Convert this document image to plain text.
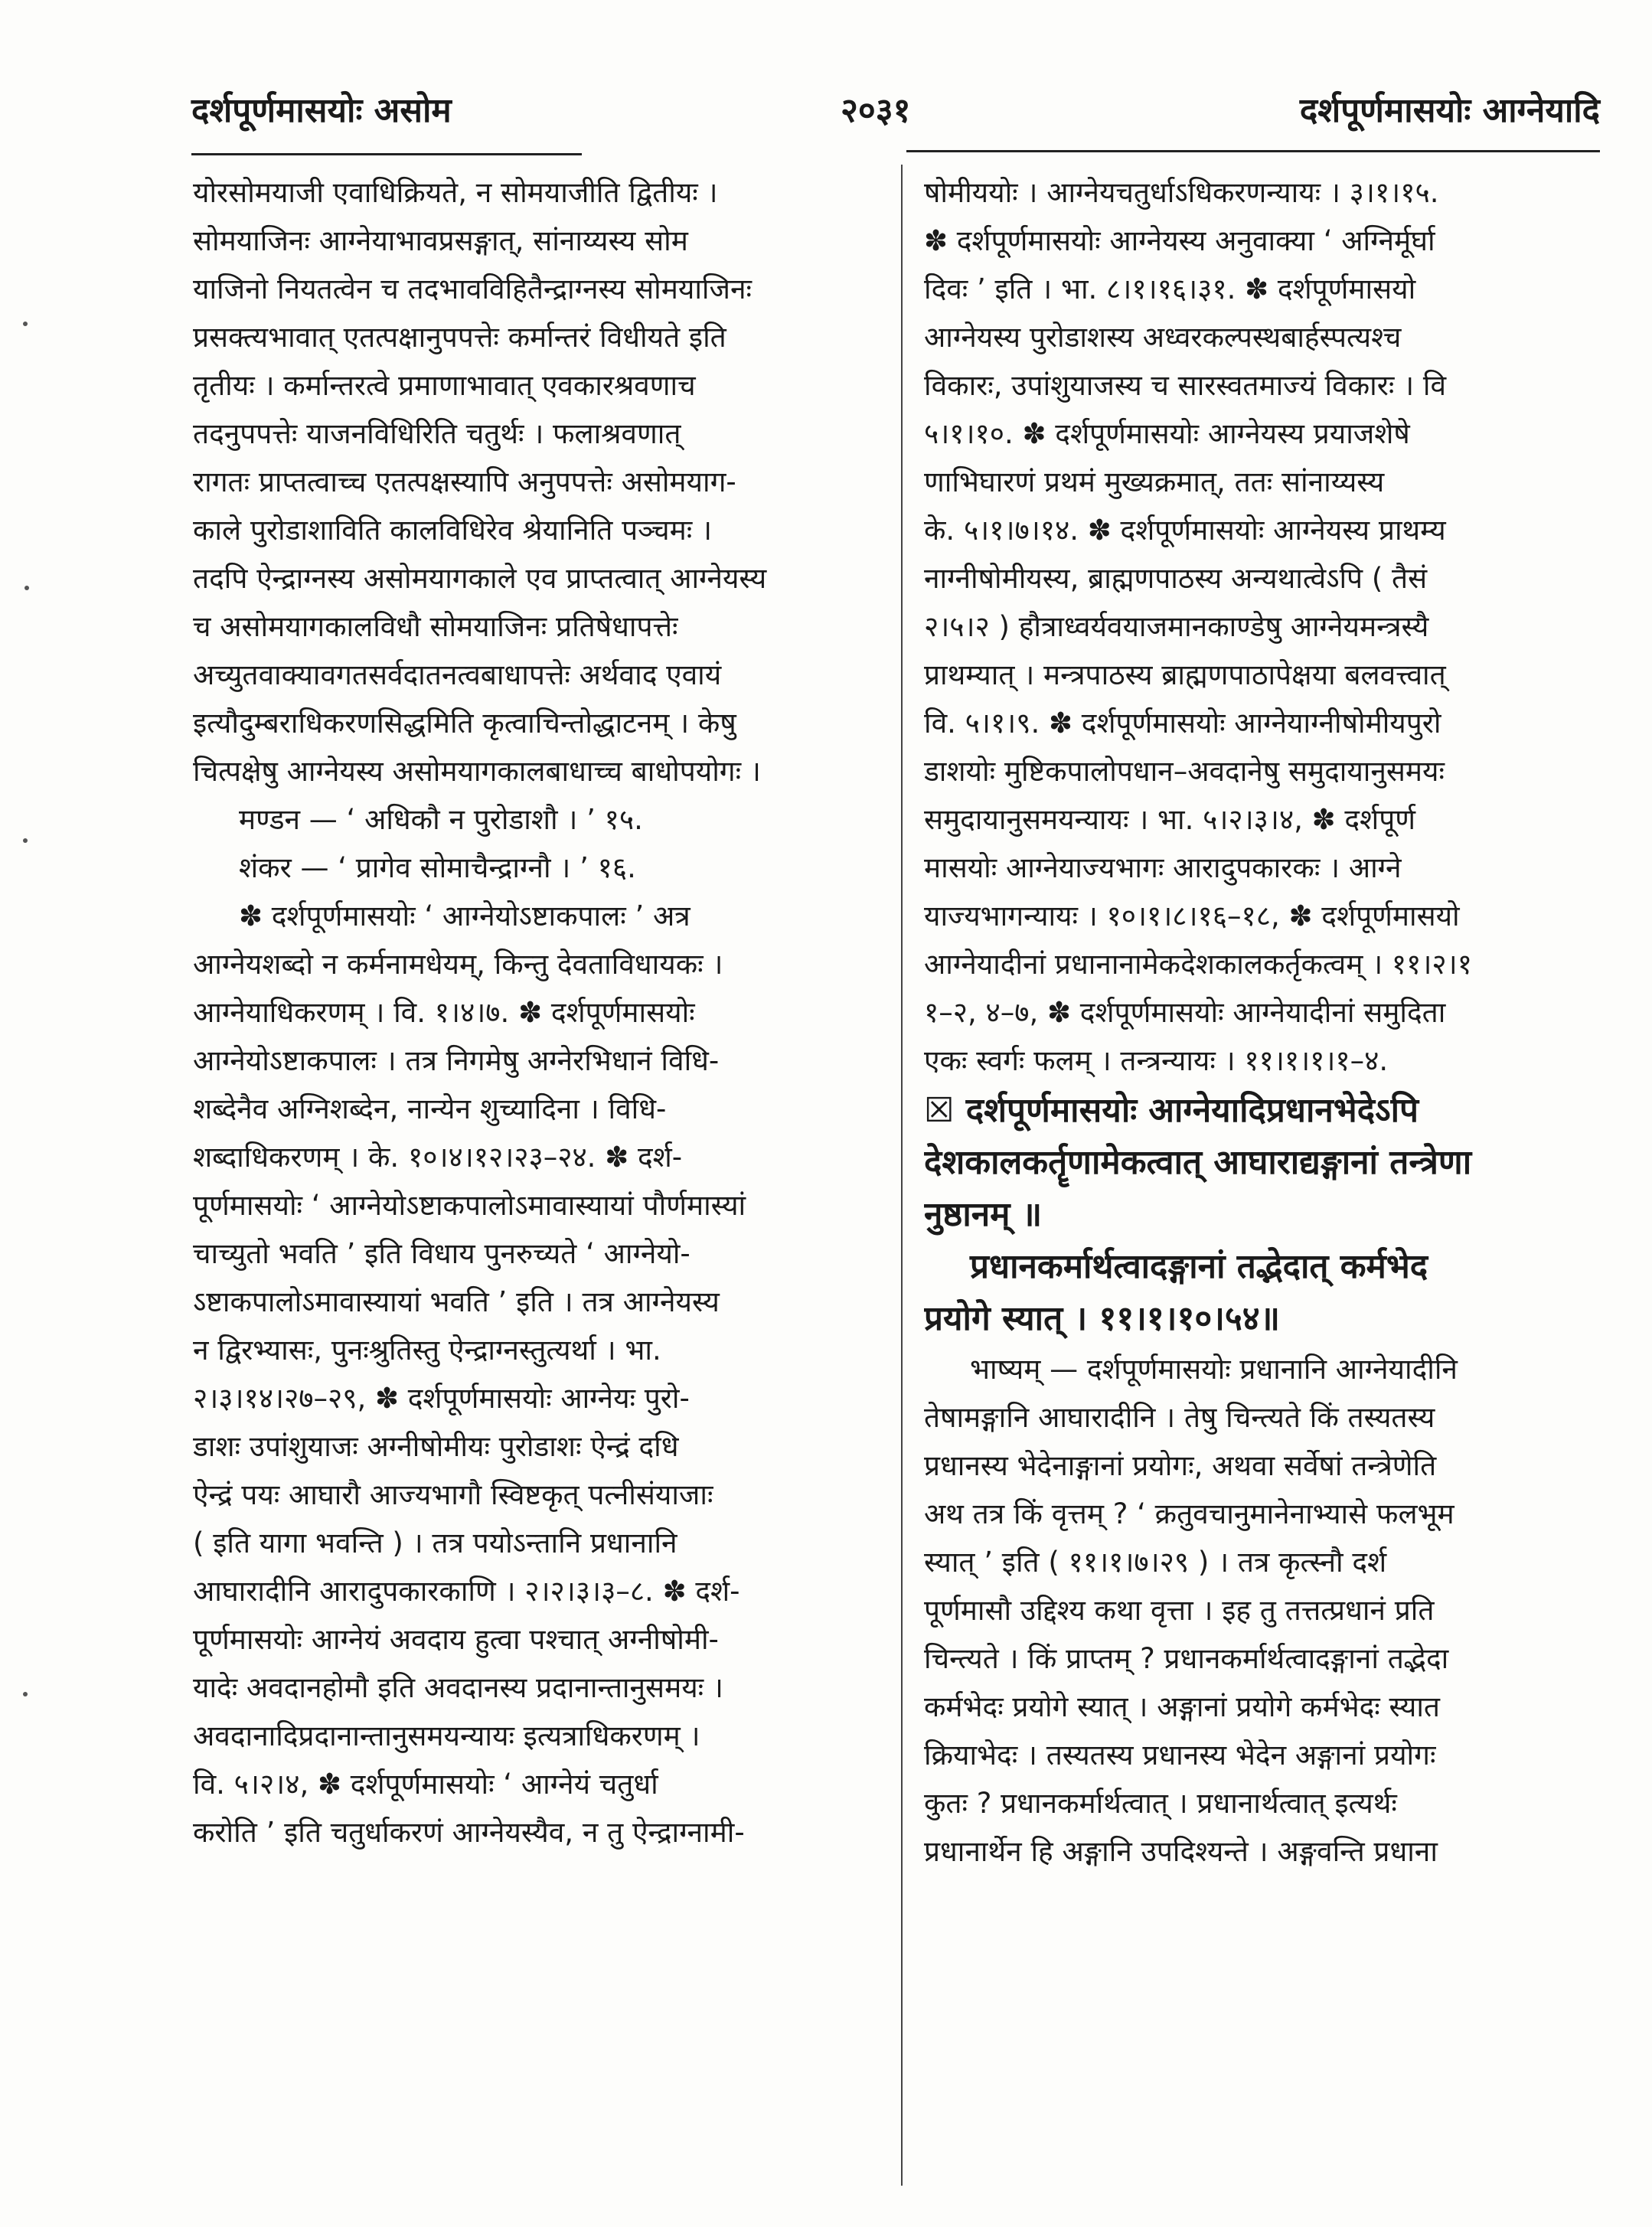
दर्शपूर्णमासयोः असोम	२०३१	दर्शपूर्णमासयोः आग्नेयादि
योरसोमयाजी एवाधिक्रियते, न सोमयाजीति द्वितीयः ।
सोमयाजिनः आग्नेयाभावप्रसङ्गात्, सांनाय्यस्य सोम
याजिनो नियतत्वेन च तदभावविहितैन्द्राग्नस्य सोमयाजिनः
प्रसक्त्यभावात् एतत्पक्षानुपपत्तेः कर्मान्तरं विधीयते इति
तृतीयः । कर्मान्तरत्वे प्रमाणाभावात् एवकारश्रवणाच
तदनुपपत्तेः याजनविधिरिति चतुर्थः । फलाश्रवणात्
रागतः प्राप्तत्वाच्च एतत्पक्षस्यापि अनुपपत्तेः असोमयाग-
काले पुरोडाशाविति कालविधिरेव श्रेयानिति पञ्चमः ।
तदपि ऐन्द्राग्नस्य असोमयागकाले एव प्राप्तत्वात् आग्नेयस्य
च असोमयागकालविधौ सोमयाजिनः प्रतिषेधापत्तेः
अच्युतवाक्यावगतसर्वदातनत्वबाधापत्तेः अर्थवाद एवायं
इत्यौदुम्बराधिकरणसिद्धमिति कृत्वाचिन्तोद्धाटनम् । केषु
चित्पक्षेषु आग्नेयस्य असोमयागकालबाधाच्च बाधोपयोगः ।
मण्डन — ‘ अधिकौ न पुरोडाशौ । ’ १५.
शंकर — ‘ प्रागेव सोमाचैन्द्राग्नौ । ’ १६.
✽ दर्शपूर्णमासयोः ‘ आग्नेयोऽष्टाकपालः ’ अत्र
आग्नेयशब्दो न कर्मनामधेयम्, किन्तु देवताविधायकः ।
आग्नेयाधिकरणम् । वि. १।४।७. ✽ दर्शपूर्णमासयोः
आग्नेयोऽष्टाकपालः । तत्र निगमेषु अग्नेरभिधानं विधि-
शब्देनैव अग्निशब्देन, नान्येन शुच्यादिना । विधि-
शब्दाधिकरणम् । के. १०।४।१२।२३–२४. ✽ दर्श-
पूर्णमासयोः ‘ आग्नेयोऽष्टाकपालोऽमावास्यायां पौर्णमास्यां
चाच्युतो भवति ’ इति विधाय पुनरुच्यते ‘ आग्नेयो-
ऽष्टाकपालोऽमावास्यायां भवति ’ इति । तत्र आग्नेयस्य
न द्विरभ्यासः, पुनःश्रुतिस्तु ऐन्द्राग्नस्तुत्यर्था । भा.
२।३।१४।२७–२९, ✽ दर्शपूर्णमासयोः आग्नेयः पुरो-
डाशः उपांशुयाजः अग्नीषोमीयः पुरोडाशः ऐन्द्रं दधि
ऐन्द्रं पयः आघारौ आज्यभागौ स्विष्टकृत् पत्नीसंयाजाः
( इति यागा भवन्ति ) । तत्र पयोऽन्तानि प्रधानानि
आघारादीनि आरादुपकारकाणि । २।२।३।३–८. ✽ दर्श-
पूर्णमासयोः आग्नेयं अवदाय हुत्वा पश्चात् अग्नीषोमी-
यादेः अवदानहोमौ इति अवदानस्य प्रदानान्तानुसमयः ।
अवदानादिप्रदानान्तानुसमयन्यायः इत्यत्राधिकरणम् ।
वि. ५।२।४, ✽ दर्शपूर्णमासयोः ‘ आग्नेयं चतुर्धा
करोति ’ इति चतुर्धाकरणं आग्नेयस्यैव, न तु ऐन्द्राग्नामी-
षोमीययोः । आग्नेयचतुर्धाऽधिकरणन्यायः । ३।१।१५.
✽ दर्शपूर्णमासयोः आग्नेयस्य अनुवाक्या ‘ अग्निर्मूर्घा
दिवः ’ इति । भा. ८।१।१६।३१. ✽ दर्शपूर्णमासयो
आग्नेयस्य पुरोडाशस्य अध्वरकल्पस्थबार्हस्पत्यश्च
विकारः, उपांशुयाजस्य च सारस्वतमाज्यं विकारः । वि
५।१।१०. ✽ दर्शपूर्णमासयोः आग्नेयस्य प्रयाजशेषे
णाभिघारणं प्रथमं मुख्यक्रमात्, ततः सांनाय्यस्य
के. ५।१।७।१४. ✽ दर्शपूर्णमासयोः आग्नेयस्य प्राथम्य
नाग्नीषोमीयस्य, ब्राह्मणपाठस्य अन्यथात्वेऽपि ( तैसं
२।५।२ ) हौत्राध्वर्यवयाजमानकाण्डेषु आग्नेयमन्त्रस्यै
प्राथम्यात् । मन्त्रपाठस्य ब्राह्मणपाठापेक्षया बलवत्त्वात्
वि. ५।१।९. ✽ दर्शपूर्णमासयोः आग्नेयाग्नीषोमीयपुरो
डाशयोः मुष्टिकपालोपधान–अवदानेषु समुदायानुसमयः
समुदायानुसमयन्यायः । भा. ५।२।३।४, ✽ दर्शपूर्ण
मासयोः आग्नेयाज्यभागः आरादुपकारकः । आग्ने
याज्यभागन्यायः । १०।१।८।१६–१८, ✽ दर्शपूर्णमासयो
आग्नेयादीनां प्रधानानामेकदेशकालकर्तृकत्वम् । ११।२।१
१–२, ४–७, ✽ दर्शपूर्णमासयोः आग्नेयादीनां समुदिता
एकः स्वर्गः फलम् । तन्त्रन्यायः । ११।१।१।१–४.
☒ दर्शपूर्णमासयोः आग्नेयादिप्रधानभेदेऽपि
देशकालकर्तॄणामेकत्वात् आघाराद्यङ्गानां तन्त्रेणा
नुष्ठानम् ॥
प्रधानकर्मार्थत्वादङ्गानां तद्भेदात् कर्मभेद
प्रयोगे स्यात् । ११।१।१०।५४॥
भाष्यम् — दर्शपूर्णमासयोः प्रधानानि आग्नेयादीनि
तेषामङ्गानि आघारादीनि । तेषु चिन्त्यते किं तस्यतस्य
प्रधानस्य भेदेनाङ्गानां प्रयोगः, अथवा सर्वेषां तन्त्रेणेति
अथ तत्र किं वृत्तम् ? ‘ क्रतुवचानुमानेनाभ्यासे फलभूम
स्यात् ’ इति ( ११।१।७।२९ ) । तत्र कृत्स्नौ दर्श
पूर्णमासौ उद्दिश्य कथा वृत्ता । इह तु तत्तत्प्रधानं प्रति
चिन्त्यते । किं प्राप्तम् ? प्रधानकर्मार्थत्वादङ्गानां तद्भेदा
कर्मभेदः प्रयोगे स्यात् । अङ्गानां प्रयोगे कर्मभेदः स्यात
क्रियाभेदः । तस्यतस्य प्रधानस्य भेदेन अङ्गानां प्रयोगः
कुतः ? प्रधानकर्मार्थत्वात् । प्रधानार्थत्वात् इत्यर्थः
प्रधानार्थेन हि अङ्गानि उपदिश्यन्ते । अङ्गवन्ति प्रधाना
